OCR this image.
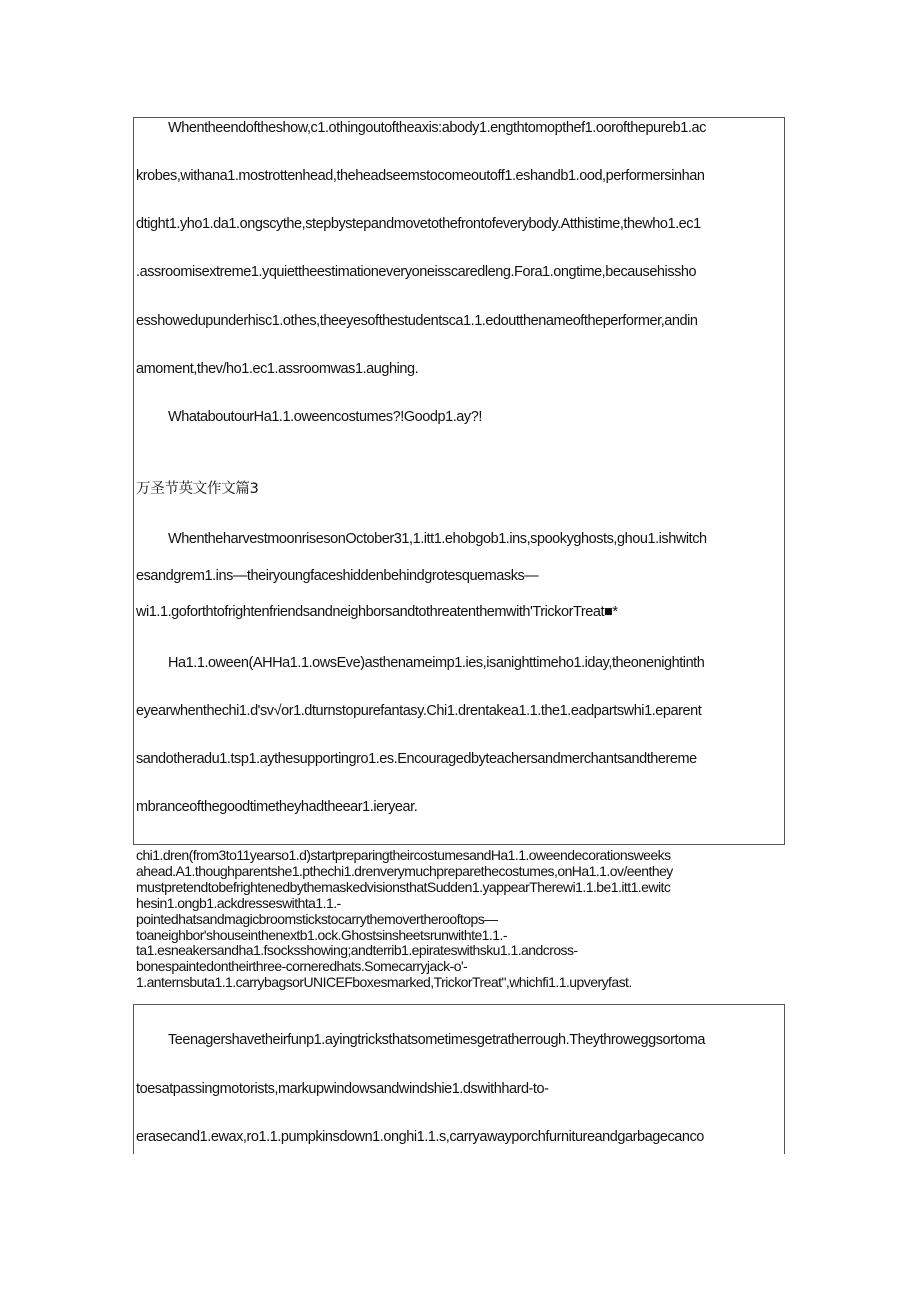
Whentheendoftheshow,c1.othingoutoftheaxis:abody1.engthtomopthef1.oorofthepureb1.ac
krobes,withana1.mostrottenhead,theheadseemstocomeoutoff1.eshandb1.ood,performersinhan
dtight1.yho1.da1.ongscythe,stepbystepandmovetothefrontofeverybody.Atthistime,thewho1.ec1
.assroomisextreme1.yquiettheestimationeveryoneisscaredleng.Fora1.ongtime,becausehissho
esshowedupunderhisc1.othes,theeyesofthestudentsca1.1.edoutthenameoftheperformer,andin
amoment,thev/ho1.ec1.assroomwas1.aughing.
WhataboutourHa1.1.oweencostumes?!Goodp1.ay?!
万圣节英文作文篇3
WhentheharvestmoonrisesonOctober31,1.itt1.ehobgob1.ins,spookyghosts,ghou1.ishwitch
esandgrem1.ins—theiryoungfaceshiddenbehindgrotesquemasks—
wi1.1.goforthtofrightenfriendsandneighborsandtothreatenthemwith'TrickorTreat■*
Ha1.1.oween(AHHa1.1.owsEve)asthenameimp1.ies,isanighttimeho1.iday,theonenightinth
eyearwhenthechi1.d'sv√or1.dturnstopurefantasy.Chi1.drentakea1.1.the1.eadpartswhi1.eparent
sandotheradu1.tsp1.aythesupportingro1.es.Encouragedbyteachersandmerchantsandthereme
mbranceofthegoodtimetheyhadtheear1.ieryear.
chi1.dren(from3to11yearso1.d)startpreparingtheircostumesandHa1.1.oweendecorationsweeks
ahead.A1.thoughparentshe1.pthechi1.drenverymuchpreparethecostumes,onHa1.1.ov/eenthey
mustpretendtobefrightenedbythemaskedvisionsthatSudden1.yappearTherewi1.1.be1.itt1.ewitc
hesin1.ongb1.ackdresseswithta1.1.-
pointedhatsandmagicbroomstickstocarrythemovertherooftops—
toaneighbor'shouseinthenextb1.ock.Ghostsinsheetsrunwithte1.1.-
ta1.esneakersandha1.fsocksshowing;andterrib1.epirateswithsku1.1.andcross-
bonespaintedontheirthree-corneredhats.Somecarryjack-o'-
1.anternsbuta1.1.carrybagsorUNICEFboxesmarked,TrickorTreat",whichfi1.1.upveryfast.
Teenagershavetheirfunp1.ayingtricksthatsometimesgetratherrough.Theythroweggsortoma
toesatpassingmotorists,markupwindowsandwindshie1.dswithhard-to-
erasecand1.ewax,ro1.1.pumpkinsdown1.onghi1.1.s,carryawayporchfurnitureandgarbagecanco
